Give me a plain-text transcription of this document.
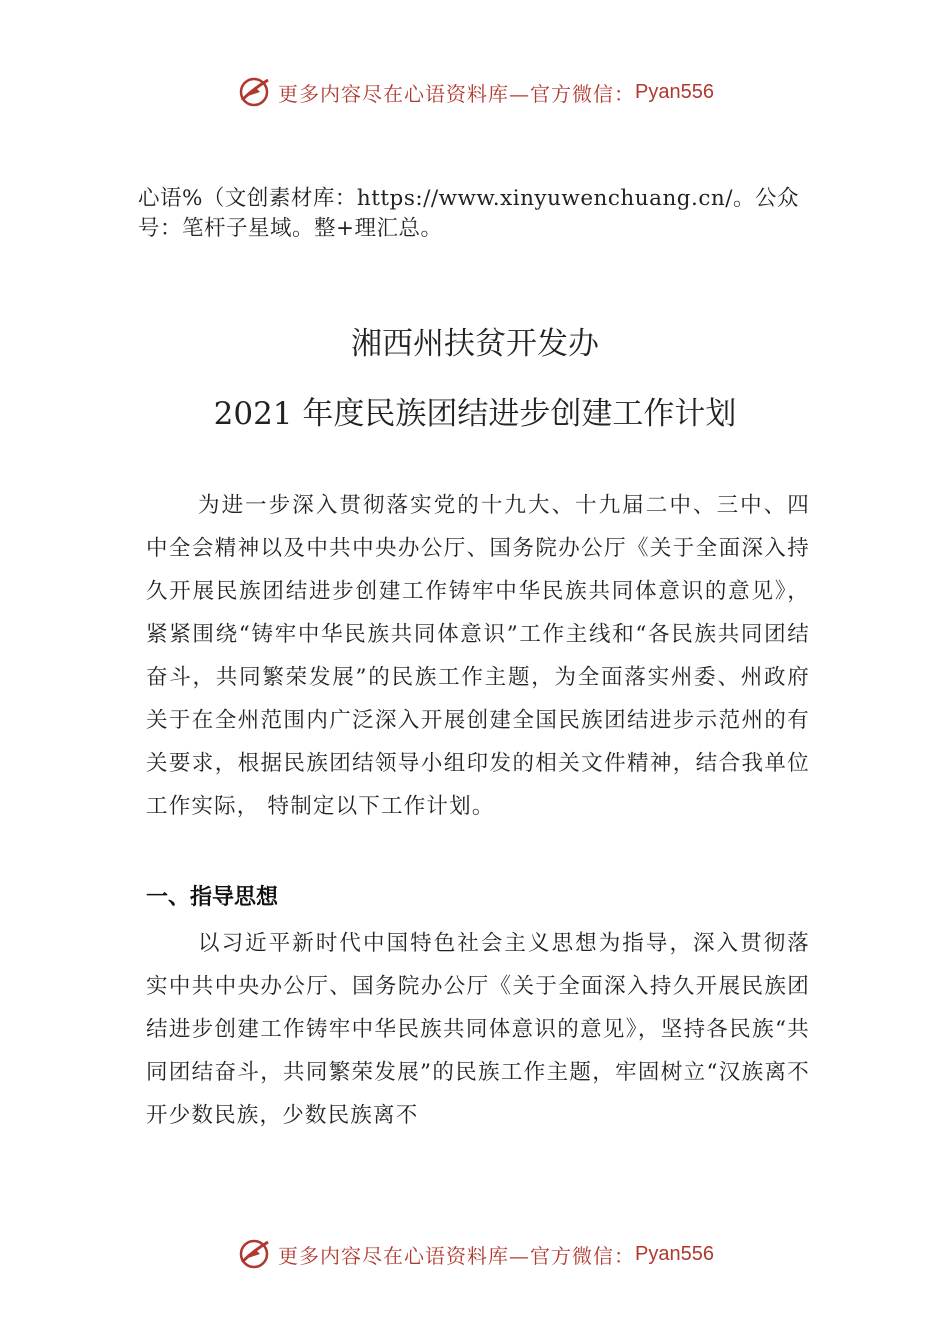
更多内容尽在心语资料库—官方微信： Pyan556
心语%（文创素材库：https://www.xinyuwenchuang.cn/。公众号：笔杆子星域。整+理汇总。
湘西州扶贫开发办
2021 年度民族团结进步创建工作计划
为进一步深入贯彻落实党的十九大、十九届二中、三中、四中全会精神以及中共中央办公厅、国务院办公厅《关于全面深入持久开展民族团结进步创建工作铸牢中华民族共同体意识的意见》，紧紧围绕“铸牢中华民族共同体意识”工作主线和“各民族共同团结奋斗，共同繁荣发展”的民族工作主题，为全面落实州委、州政府关于在全州范围内广泛深入开展创建全国民族团结进步示范州的有关要求，根据民族团结领导小组印发的相关文件精神，结合我单位工作实际， 特制定以下工作计划。
一、指导思想
以习近平新时代中国特色社会主义思想为指导，深入贯彻落实中共中央办公厅、国务院办公厅《关于全面深入持久开展民族团结进步创建工作铸牢中华民族共同体意识的意见》，坚持各民族“共同团结奋斗，共同繁荣发展”的民族工作主题，牢固树立“汉族离不开少数民族，少数民族离不
更多内容尽在心语资料库—官方微信： Pyan556
